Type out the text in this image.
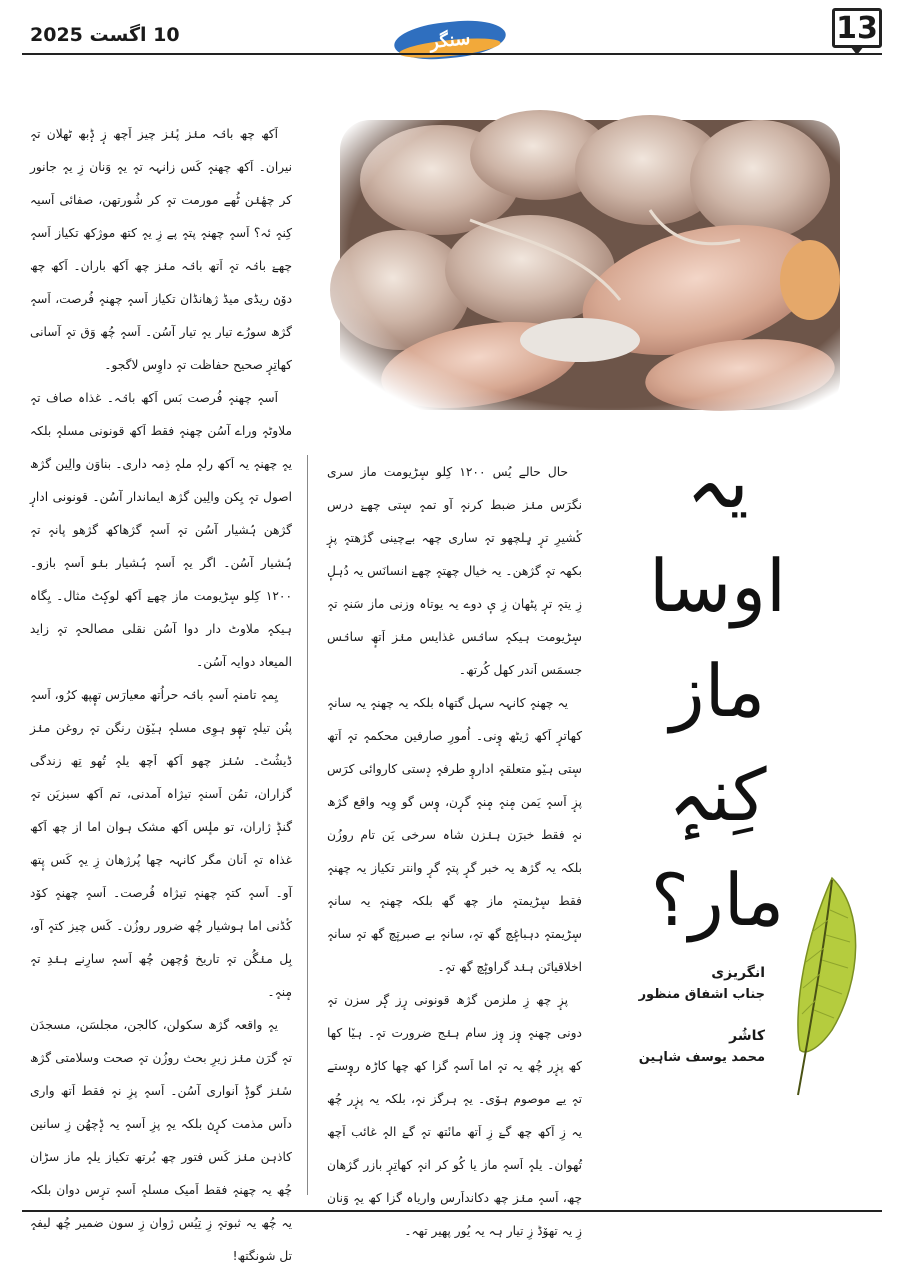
10 اگست 2025	سنگر	13
یہ
اوسا
ماز
کِنہٕ
مار؟
انگریزی
جناب اشفاق منظور
کاشُر
محمد یوسف شاہین

حال حالے یُس ۱۲۰۰ کِلو سٕڑیومت ماز سری نگرَس منٛز ضبط کرنہٕ آو تمہٕ سٕتی چھےٚ درس کٔشیرِ ترٕ ہٕلچھو تہٕ ساری چھہ بےچینی گژھتہٕ پزٕ بکھہ تہٕ گژھن۔ یہ خیال چھتہٕ چھےٚ انسانَس یہ دُہلٕ زِ یتہٕ ترٕ پٹھان زِ یٕ دوے یہ یوتاہ وزنی ماز سَنہٕ تہٕ سٕڑیومت ہیکہٕ سانٛس غذایس منٛز اَتھٕ سانٛس جسمَس اَندر کھل کُرتھ۔

یہ چھنہٕ کانہہ سہل گتھاہ بلکہ یہ چھنہٕ یہ سانہٕ کھاترٕ اَکھ ژیٹھ وٕنی۔ اُمورِ صارفین محکمہٕ تہٕ اَتھ سٕتی ہیٚو متعلقہٕ اداروٕ طرفہٕ دٕستی کاروائی کرَس پزٕ اَسہٕ یَمن مٕنہٕ مٕنہٕ گرٕن، وٕس گو وِیہ واقع گژھ نہٕ فقط خبرَن ہنٛزن شاہ سرخی یَن تام روزُن بلکہ یہ گژھ یہ خبر گرٕ پتہٕ گرٕ وانتر تکیاز یہ چھنہٕ فقط سٕڑیمتہٕ ماز چھ گھ بلکہ چھنہٕ یہ سانہٕ سٕڑیمتہٕ دہباغٕچ گھ تہٕ، سانہٕ بے صبرتٕچ گھ تہٕ سانہٕ اخلاقیاتَن ہنٛد گراوٹٕچ گھ تہٕ۔

پزٕ چھ زِ ملزمن گژھ قونونی رٕز گٕر سزن تہٕ دونی چھنہٕ وٕز وٕز سام ہنٛج ضرورت تہٕ۔ ہیٚا کھا کھ پزٕر چُھ یہ تہٕ اما اَسہٕ گزا کھ چھا کاڑہ روٕستے تہٕ یے موصوم ہوٚی۔ یہٕ ہرگز نہٕ، بلکہ یہ پزٕر چُھ یہ زِ اَکھ چھ گےٚ زِ اَتھ مانٔتھ تہٕ گےٚ الہٕ غائب اَچھ تُھوان۔ یلہٕ اَسہٕ ماز یا کُو کر انہٕ کھاتِرٕ بازر گژھان چھ، اَسہٕ منٛز چھ دکانداَرس واریاہ گزا کھ یہٕ وَنان زِ یہ تھوٚڈ زِ تیار ہہ یہ یُور پھیر تھہ۔

اَکھ چھ بانٛہ منٛز پٔنٛز چیز اَچھ زٕ ڈٕبھ ٹھلان تہٕ نیران۔ اَکھ چھنہٕ کَس زانہہ تہٕ یہٕ وَنان زِ یہٕ جانور کر چھٔنٛن ٹُھے مورمت تہٕ کر شُورتھن، صفائی اَسیہ کِنہٕ ئہ؟ اَسہٕ چھنہٕ پتہٕ پے زِ یہٕ کتھ موژکھ تکیاز اَسہٕ چھےٚ بانٛہ تہٕ اَتھ بانٛہ منٛز چھ اَکھ باران۔ اَکھ چھ دوٚنٛ ریڈی میڈ ژھانڈان تکیاز اَسہٕ چھنہٕ فُرصت، اَسہٕ گژھ سورُے تیار یہٕ تیار آسُن۔ اَسہٕ چُھ وَق تہٕ آسانی کھاتِرٕ صحیح حفاظت تہٕ داوِس لاگجو۔

اَسہٕ چھنہٕ فُرصت بَس اَکھ بانٛہ۔ غذاہ صاف تہٕ ملاوٹہٕ وراے آسُن چھنہٕ فقط اَکھ قونونی مسلہٕ بلکہ یہٕ چھنہٕ یہ اَکھ رلہٕ ملہٕ ذِمہ داری۔ بناوَن والِین گژھ اصول تہٕ یِکن والِین گژھ ایماندار آسُن۔ قونونی ادارٕ گژھن ہُشیار آسُن تہٕ اَسہٕ گژھاکھ گژھو پانہٕ تہٕ ہُشیار آسُن۔ اگر یہٕ اَسہٕ ہُشیار بنٛو اَسہٕ بازو۔ ۱۲۰۰ کِلو سٕڑیومت ماز چھےٚ اَکھ لوکٕٹ مثال۔ یِگاہ ہیکہٕ ملاوٹ دار دوا آسُن نقلی مصالحہٕ تہٕ زاید المیعاد دوایہ آسُن۔

یِمہٕ تامنہٕ اَسہٕ بانٛہ حراُتھ معیارَس تھٕپھ کرُو، اَسہٕ پنُن تیلہٕ تھٕو ہوِی مسلہٕ ہیٚوٚن رنگن تہٕ روغن منٛز ڈیشُٹ۔ سٔنٛز چھو اَکھ اَچھ یلہٕ تُھو تِھ زندگی گزاران، تمُن اَسنہٕ تیژاہ آمدنی، تم اَکھ سبزیَن تہٕ گنڈٕ ژاران، تو ملٕس اَکھ مشک ہوان اما از چھ اَکھ غذاہ تہٕ اَنان مگر کانہہ چھا پُرژھان زِ یہٕ کَس پٕتھ آو۔ اَسہٕ کتہٕ چھنہٕ تیژاہ فُرصت۔ اَسہٕ چھنہٕ کوٚد کٔڈنی اما ہوشیار چُھ ضرور روزُن۔ کَس چیز کتہٕ آو، بِل منٛگُن تہٕ تاریخ وُچھن چُھ اَسہٕ سارِنے ہنٛدِ تہٕ مٕنہٕ۔

یہٕ واقعہ گژھ سکولن، کالجن، مجلسَن، مسجدَن تہٕ گرَن منٛز زیرِ بحث روزُن تہٕ صحت وسلامتی گژھ سٔنٛز گوڈٕ اَنواری آسُن۔ اَسہٕ پزِ نہٕ فقط اَتھ واری داَس مذمت کرٕنٛ بلکہ یہٕ پزِ اَسہٕ یہ ڈٕچھُن زِ سانین کاذہن منٛز کَس فتور چھ بُرتھ تکیاز یلہٕ ماز سڑان چُھ یہ چھنہٕ فقط اَمیک مسلہٕ اَسہٕ ترٕس دوان بلکہ یہ چُھ یہ ثبوتہٕ زِ تِیُس ژوان زِ سون ضمیر چُھ لیفہٕ تل شونگتھ!
